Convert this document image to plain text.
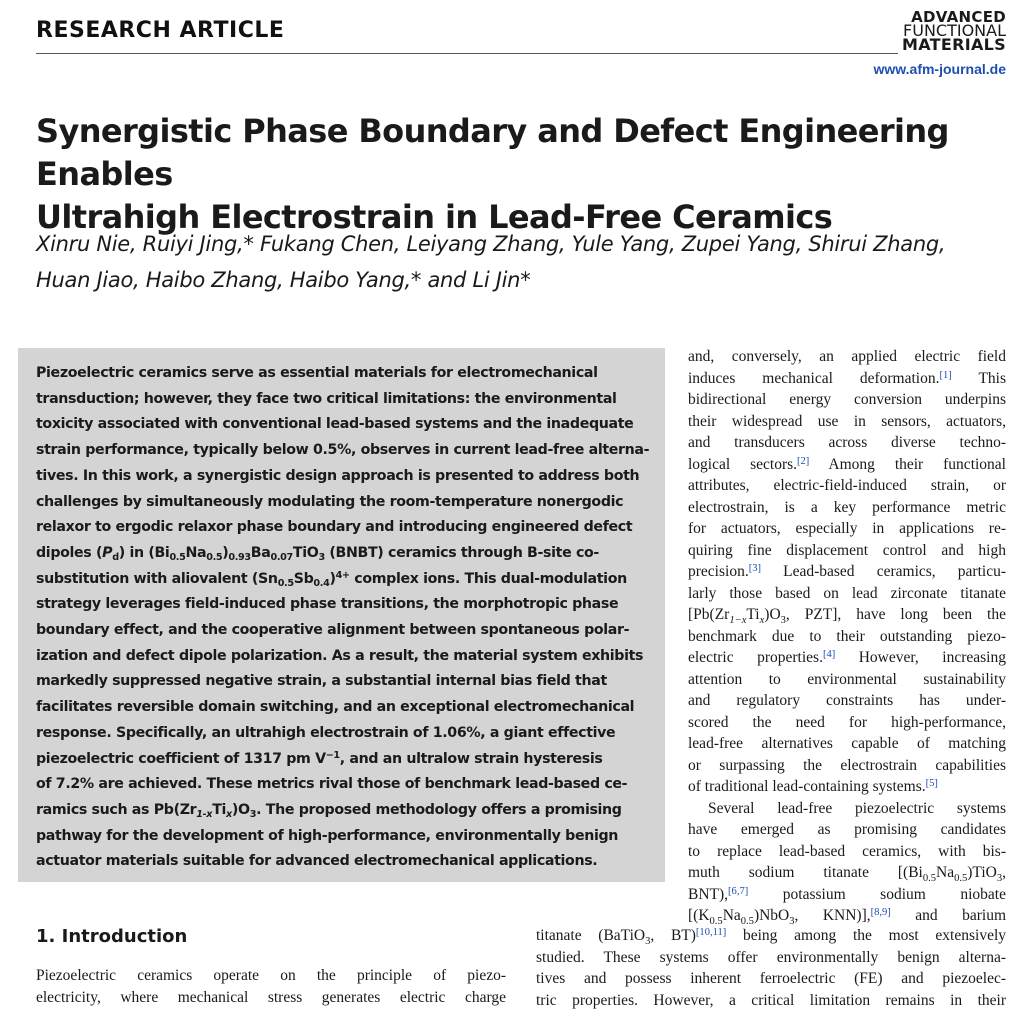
RESEARCH ARTICLE
ADVANCED
FUNCTIONAL
MATERIALS
www.afm-journal.de
Synergistic Phase Boundary and Defect Engineering Enables
Ultrahigh Electrostrain in Lead-Free Ceramics
Xinru Nie, Ruiyi Jing,* Fukang Chen, Leiyang Zhang, Yule Yang, Zupei Yang, Shirui Zhang,
Huan Jiao, Haibo Zhang, Haibo Yang,* and Li Jin*
Piezoelectric ceramics serve as essential materials for electromechanical
transduction; however, they face two critical limitations: the environmental
toxicity associated with conventional lead-based systems and the inadequate
strain performance, typically below 0.5%, observes in current lead-free alterna-
tives. In this work, a synergistic design approach is presented to address both
challenges by simultaneously modulating the room-temperature nonergodic
relaxor to ergodic relaxor phase boundary and introducing engineered defect
dipoles $(P_d)$ in $(Bi_{0.5}Na_{0.5})_{0.93}Ba_{0.07}TiO_3$ (BNBT) ceramics through B-site co-
substitution with aliovalent $(Sn_{0.5}Sb_{0.4})^{4+}$ complex ions. This dual-modulation
strategy leverages field-induced phase transitions, the morphotropic phase
boundary effect, and the cooperative alignment between spontaneous polar-
ization and defect dipole polarization. As a result, the material system exhibits
markedly suppressed negative strain, a substantial internal bias field that
facilitates reversible domain switching, and an exceptional electromechanical
response. Specifically, an ultrahigh electrostrain of 1.06%, a giant effective
piezoelectric coefficient of 1317 pm $V^{-1}$, and an ultralow strain hysteresis
of 7.2% are achieved. These metrics rival those of benchmark lead-based ce-
ramics such as $Pb(Zr_{1-x}Ti_x)O_3$. The proposed methodology offers a promising
pathway for the development of high-performance, environmentally benign
actuator materials suitable for advanced electromechanical applications.
and, conversely, an applied electric field
induces mechanical deformation.[1] This
bidirectional energy conversion underpins
their widespread use in sensors, actuators,
and transducers across diverse techno-
logical sectors.[2] Among their functional
attributes, electric-field-induced strain, or
electrostrain, is a key performance metric
for actuators, especially in applications re-
quiring fine displacement control and high
precision.[3] Lead-based ceramics, particu-
larly those based on lead zirconate titanate
[$Pb(Zr_{1-x}Ti_x)O_3$, PZT], have long been the
benchmark due to their outstanding piezo-
electric properties.[4] However, increasing
attention to environmental sustainability
and regulatory constraints has under-
scored the need for high-performance,
lead-free alternatives capable of matching
or surpassing the electrostrain capabilities
of traditional lead-containing systems.[5]
Several lead-free piezoelectric systems
have emerged as promising candidates
to replace lead-based ceramics, with bis-
muth sodium titanate [$(Bi_{0.5}Na_{0.5})TiO_3$,
BNT),[6,7] potassium sodium niobate
[$(K_{0.5}Na_{0.5})NbO_3$, KNN)],[8,9] and barium
titanate (BaTiO$_3$, BT)[10,11] being among the most extensively
studied. These systems offer environmentally benign alterna-
tives and possess inherent ferroelectric (FE) and piezoelec-
tric properties. However, a critical limitation remains in their
1. Introduction
Piezoelectric ceramics operate on the principle of piezo-
electricity, where mechanical stress generates electric charge
